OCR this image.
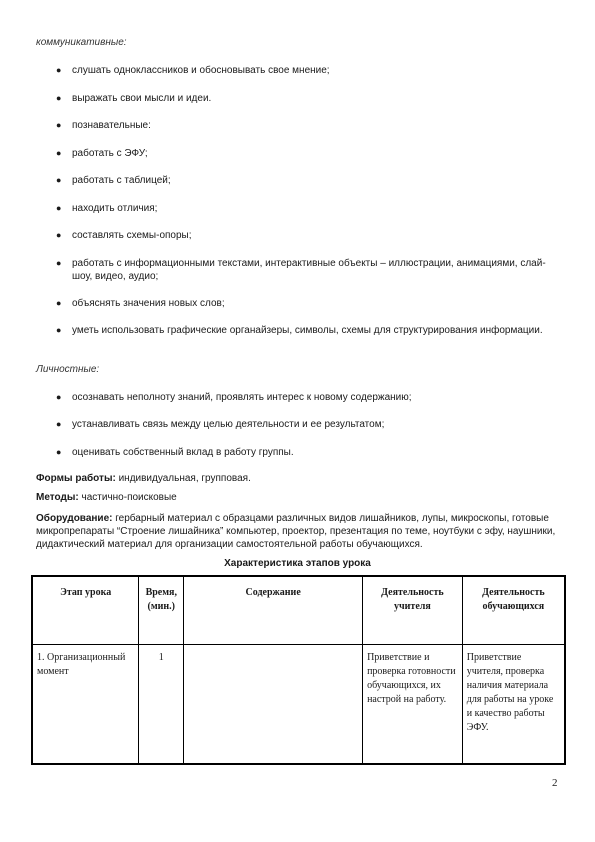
коммуникативные:
● слушать одноклассников и обосновывать свое мнение;
● выражать свои мысли и идеи.
● познавательные:
● работать с ЭФУ;
● работать с таблицей;
● находить отличия;
● составлять схемы-опоры;
● работать с информационными текстами, интерактивные объекты – иллюстрации, анимациями, слай-шоу, видео, аудио;
● объяснять значения новых слов;
● уметь использовать графические органайзеры, символы, схемы для структурирования информации.
Личностные:
● осознавать неполноту знаний, проявлять интерес к новому содержанию;
● устанавливать связь между целью деятельности и ее результатом;
● оценивать собственный вклад в работу группы.
Формы работы: индивидуальная, групповая.
Методы: частично-поисковые
Оборудование: гербарный материал с образцами различных видов лишайников, лупы, микроскопы, готовые микропрепараты “Строение лишайника” компьютер, проектор, презентация по теме, ноутбуки с эфу, наушники, дидактический материал для организации самостоятельной работы обучающихся.
Характеристика этапов урока
Этап урока	Время, (мин.)	Содержание	Деятельность учителя	Деятельность обучающихся
1. Организационный момент	1		Приветствие и проверка готовности обучающихся, их настрой на работу.	Приветствие учителя, проверка наличия материала для работы на уроке и качество работы ЭФУ.
2
